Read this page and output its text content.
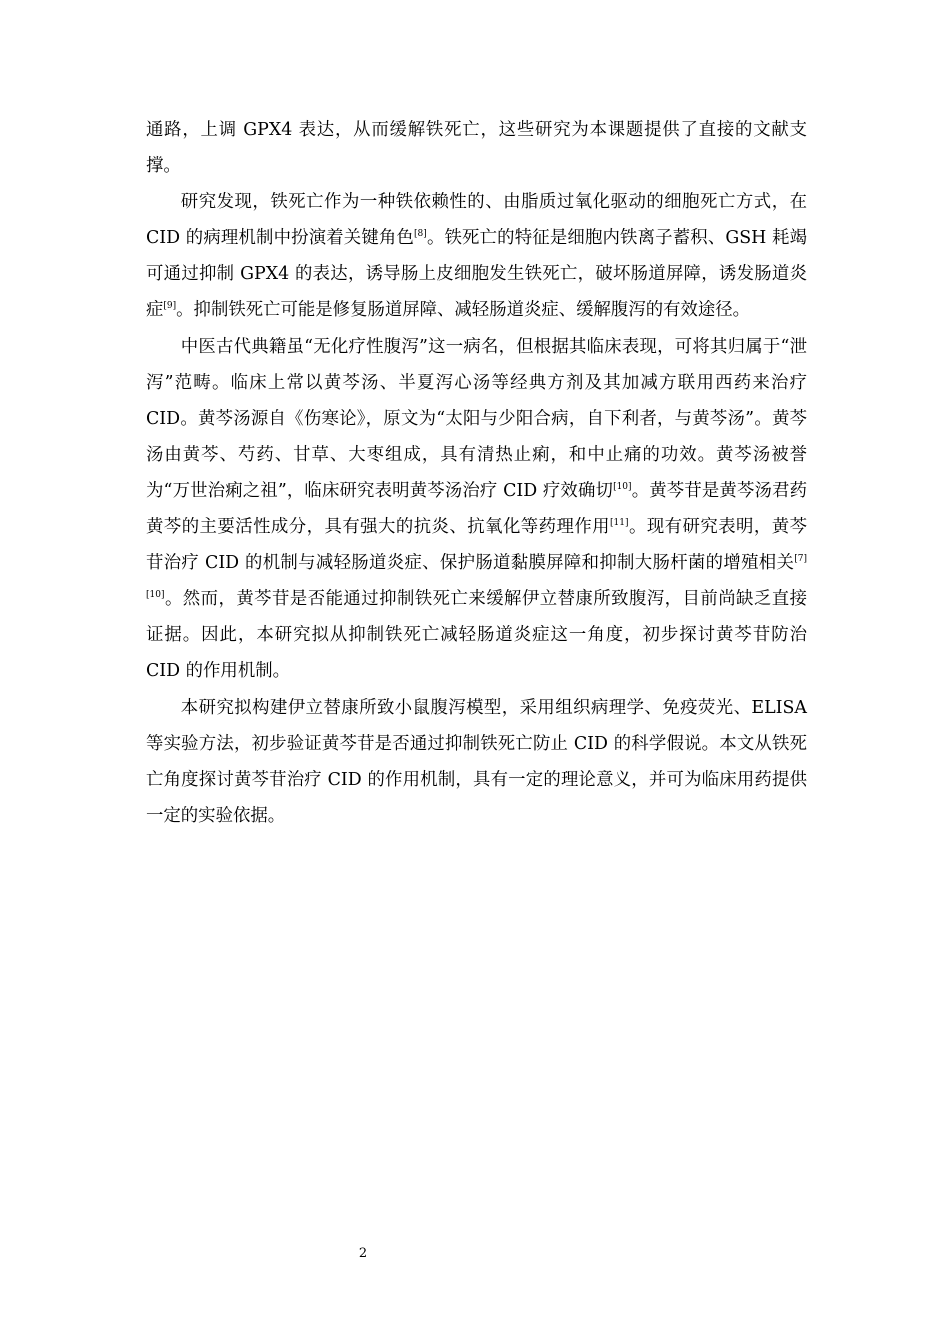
通路，上调 GPX4 表达，从而缓解铁死亡，这些研究为本课题提供了直接的文献支撑。

研究发现，铁死亡作为一种铁依赖性的、由脂质过氧化驱动的细胞死亡方式，在 CID 的病理机制中扮演着关键角色[8]。铁死亡的特征是细胞内铁离子蓄积、GSH 耗竭可通过抑制 GPX4 的表达，诱导肠上皮细胞发生铁死亡，破坏肠道屏障，诱发肠道炎症[9]。抑制铁死亡可能是修复肠道屏障、减轻肠道炎症、缓解腹泻的有效途径。

中医古代典籍虽“无化疗性腹泻”这一病名，但根据其临床表现，可将其归属于“泄泻”范畴。临床上常以黄芩汤、半夏泻心汤等经典方剂及其加减方联用西药来治疗 CID。黄芩汤源自《伤寒论》，原文为“太阳与少阳合病，自下利者，与黄芩汤”。黄芩汤由黄芩、芍药、甘草、大枣组成，具有清热止痢，和中止痛的功效。黄芩汤被誉为“万世治痢之祖”，临床研究表明黄芩汤治疗 CID 疗效确切[10]。黄芩苷是黄芩汤君药黄芩的主要活性成分，具有强大的抗炎、抗氧化等药理作用[11]。现有研究表明，黄芩苷治疗 CID 的机制与减轻肠道炎症、保护肠道黏膜屏障和抑制大肠杆菌的增殖相关[7][10]。然而，黄芩苷是否能通过抑制铁死亡来缓解伊立替康所致腹泻，目前尚缺乏直接证据。因此，本研究拟从抑制铁死亡减轻肠道炎症这一角度，初步探讨黄芩苷防治 CID 的作用机制。

本研究拟构建伊立替康所致小鼠腹泻模型，采用组织病理学、免疫荧光、ELISA 等实验方法，初步验证黄芩苷是否通过抑制铁死亡防止 CID 的科学假说。本文从铁死亡角度探讨黄芩苷治疗 CID 的作用机制，具有一定的理论意义，并可为临床用药提供一定的实验依据。

2
